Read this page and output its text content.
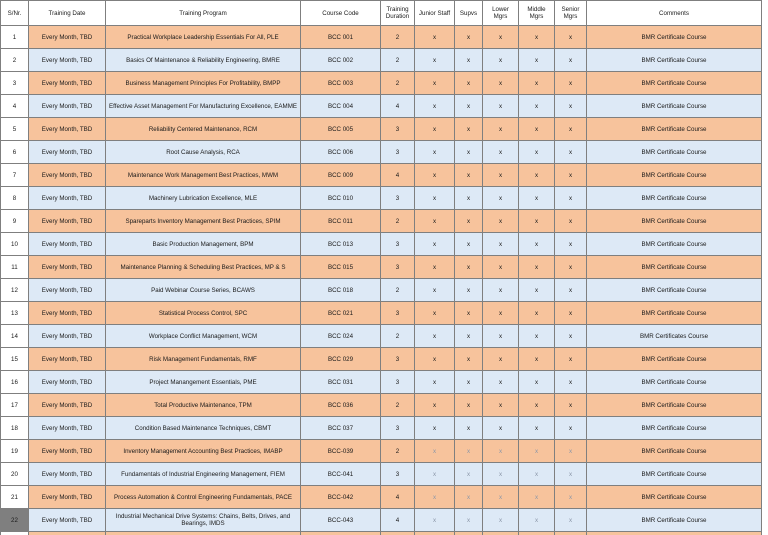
S/Nr.	Training Date	Training Program	Course Code	Training Duration	Junior Staff	Supvs	Lower Mgrs	Middle Mgrs	Senior Mgrs	Comments
1	Every Month, TBD	Practical Workplace Leadership Essentials For All, PLE	BCC 001	2	x	x	x	x	x	BMR Certificate Course
2	Every Month, TBD	Basics Of Maintenance & Reliability Engineering, BMRE	BCC 002	2	x	x	x	x	x	BMR Certificate Course
3	Every Month, TBD	Business Management Principles For Profitability, BMPP	BCC 003	2	x	x	x	x	x	BMR Certificate Course
4	Every Month, TBD	Effective Asset Management For Manufacturing Excellence, EAMME	BCC 004	4	x	x	x	x	x	BMR Certificate Course
5	Every Month, TBD	Reliability Centered Maintenance, RCM	BCC 005	3	x	x	x	x	x	BMR Certificate Course
6	Every Month, TBD	Root Cause Analysis, RCA	BCC 006	3	x	x	x	x	x	BMR Certificate Course
7	Every Month, TBD	Maintenance Work Management Best Practices, MWM	BCC 009	4	x	x	x	x	x	BMR Certificate Course
8	Every Month, TBD	Machinery Lubrication Excellence, MLE	BCC 010	3	x	x	x	x	x	BMR Certificate Course
9	Every Month, TBD	Spareparts Inventory Management Best Practices, SPIM	BCC 011	2	x	x	x	x	x	BMR Certificate Course
10	Every Month, TBD	Basic Production Management, BPM	BCC 013	3	x	x	x	x	x	BMR Certificate Course
11	Every Month, TBD	Maintenance Planning & Scheduling Best Practices, MP & S	BCC 015	3	x	x	x	x	x	BMR Certificate Course
12	Every Month, TBD	Paid Webinar Course Series, BCAWS	BCC 018	2	x	x	x	x	x	BMR Certificate Course
13	Every Month, TBD	Statistical Process Control, SPC	BCC 021	3	x	x	x	x	x	BMR Certificate Course
14	Every Month, TBD	Workplace Conflict Management, WCM	BCC 024	2	x	x	x	x	x	BMR Certificates Course
15	Every Month, TBD	Risk Management Fundamentals, RMF	BCC 029	3	x	x	x	x	x	BMR Certificate Course
16	Every Month, TBD	Project Manangement Essentials, PME	BCC 031	3	x	x	x	x	x	BMR Certificate Course
17	Every Month, TBD	Total Productive Maintenance, TPM	BCC 036	2	x	x	x	x	x	BMR Certificate Course
18	Every Month, TBD	Condition Based Maintenance Techniques, CBMT	BCC 037	3	x	x	x	x	x	BMR Certificate Course
19	Every Month, TBD	Inventory Management Accounting Best Practices, IMABP	BCC-039	2	x	x	x	x	x	BMR Certificate Course
20	Every Month, TBD	Fundamentals of Industrial Engineering Management, FIEM	BCC-041	3	x	x	x	x	x	BMR Certificate Course
21	Every Month, TBD	Process Automation & Control Engineering Fundamentals, PACE	BCC-042	4	x	x	x	x	x	BMR Certificate Course
22	Every Month, TBD	Industrial Mechanical Drive Systems: Chains, Belts, Drives, and Bearings, IMDS	BCC-043	4	x	x	x	x	x	BMR Certificate Course
